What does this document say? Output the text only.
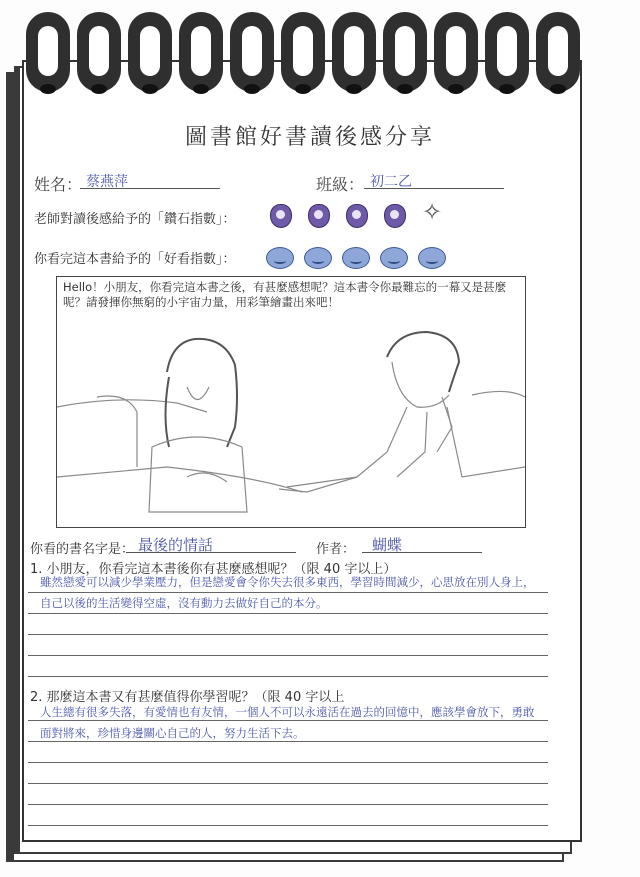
圖書館好書讀後感分享
姓名： 蔡燕萍	班級： 初二乙
老師對讀後感給予的「鑽石指數」：	✧
你看完這本書給予的「好看指數」：
Hello！小朋友，你看完這本書之後，有甚麼感想呢？這本書令你最難忘的一幕又是甚麼呢？請發揮你無窮的小宇宙力量，用彩筆繪畫出來吧！
你看的書名字是： 最後的情話	作者： 蝴蝶
1. 小朋友，你看完這本書後你有甚麼感想呢？（限 40 字以上）
雖然戀愛可以減少學業壓力，但是戀愛會令你失去很多東西，學習時間減少，心思放在別人身上，自己以後的生活變得空虛，沒有動力去做好自己的本分。
2. 那麼這本書又有甚麼值得你學習呢？（限 40 字以上
人生總有很多失落，有愛情也有友情，一個人不可以永遠活在過去的回憶中，應該學會放下，勇敢面對將來，珍惜身邊關心自己的人，努力生活下去。
